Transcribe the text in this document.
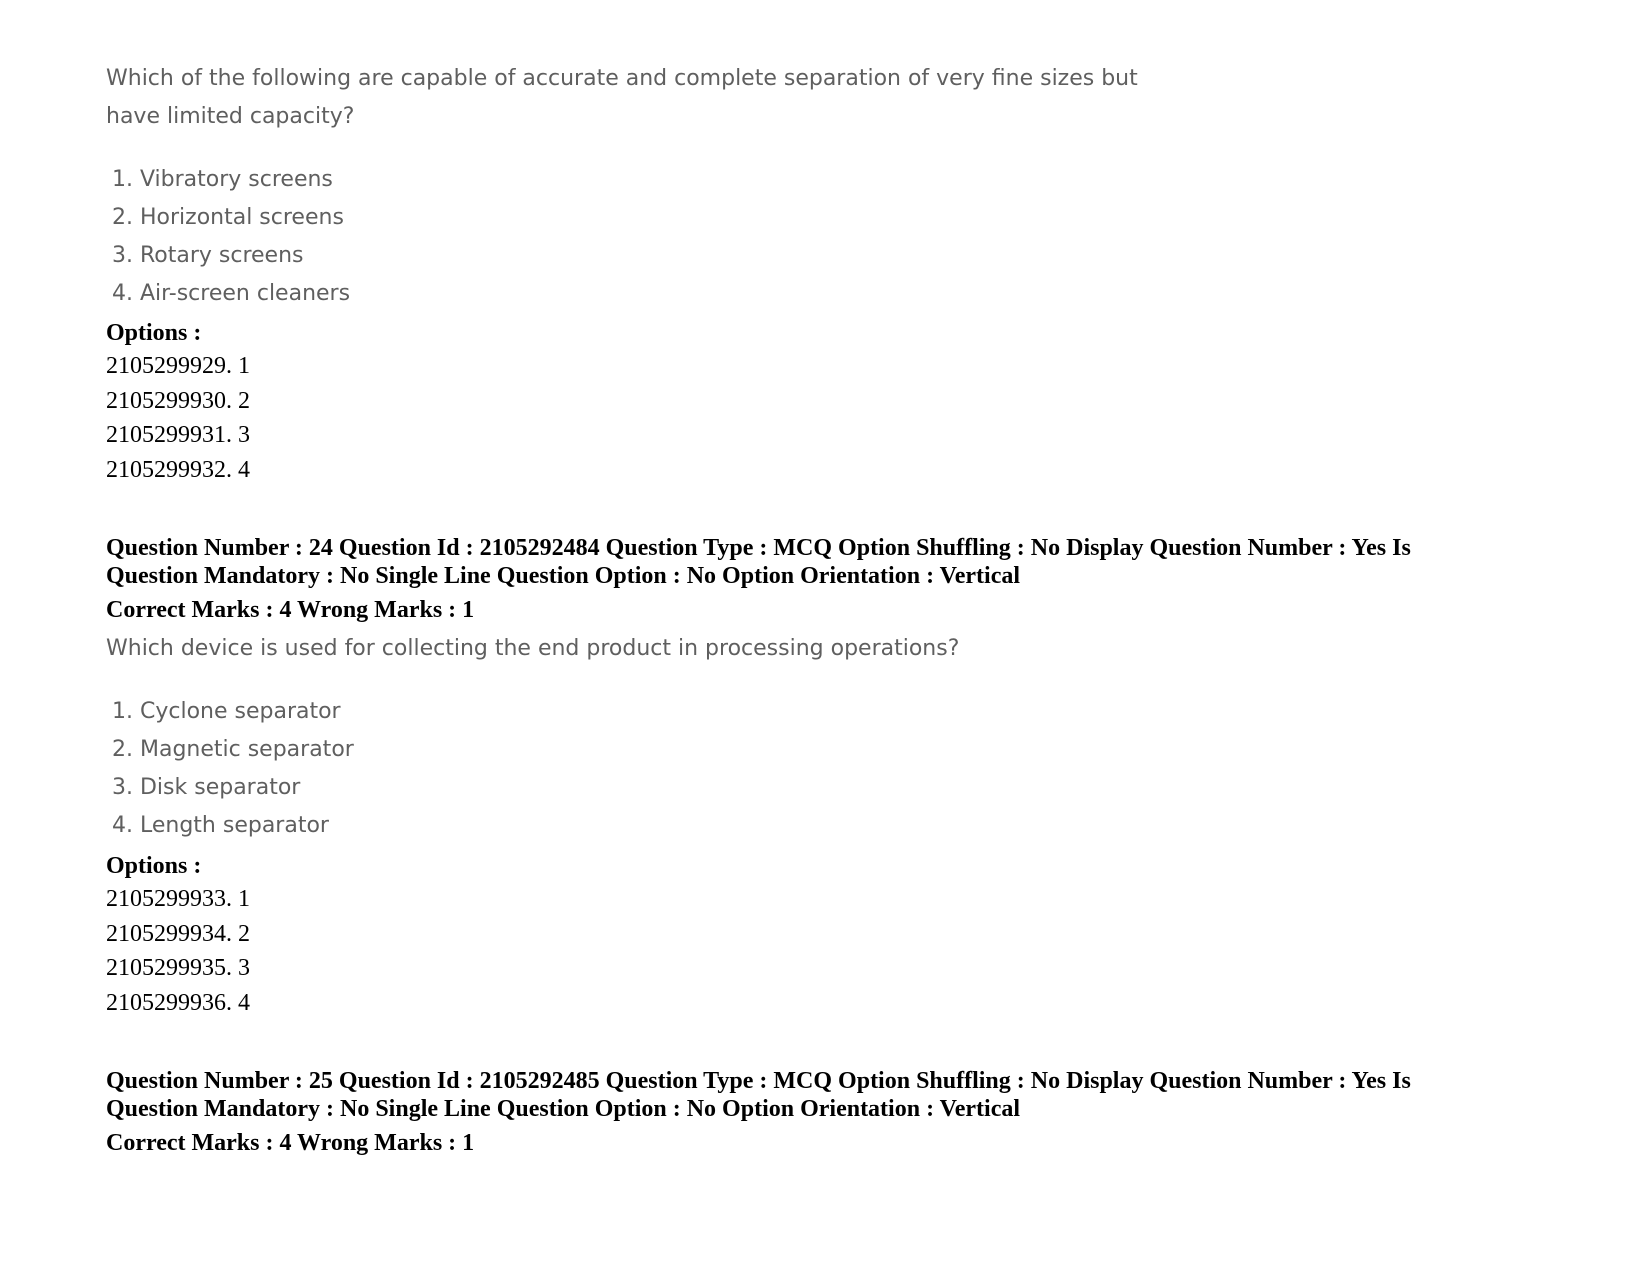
Which of the following are capable of accurate and complete separation of very fine sizes but

have limited capacity?

1. Vibratory screens
2. Horizontal screens
3. Rotary screens
4. Air-screen cleaners

Options :

2105299929. 1
2105299930. 2
2105299931. 3
2105299932. 4

Question Number : 24 Question Id : 2105292484 Question Type : MCQ Option Shuffling : No Display Question Number : Yes Is

Question Mandatory : No Single Line Question Option : No Option Orientation : Vertical

Correct Marks : 4 Wrong Marks : 1

Which device is used for collecting the end product in processing operations?

1. Cyclone separator
2. Magnetic separator
3. Disk separator
4. Length separator

Options :

2105299933. 1
2105299934. 2
2105299935. 3
2105299936. 4

Question Number : 25 Question Id : 2105292485 Question Type : MCQ Option Shuffling : No Display Question Number : Yes Is

Question Mandatory : No Single Line Question Option : No Option Orientation : Vertical

Correct Marks : 4 Wrong Marks : 1
